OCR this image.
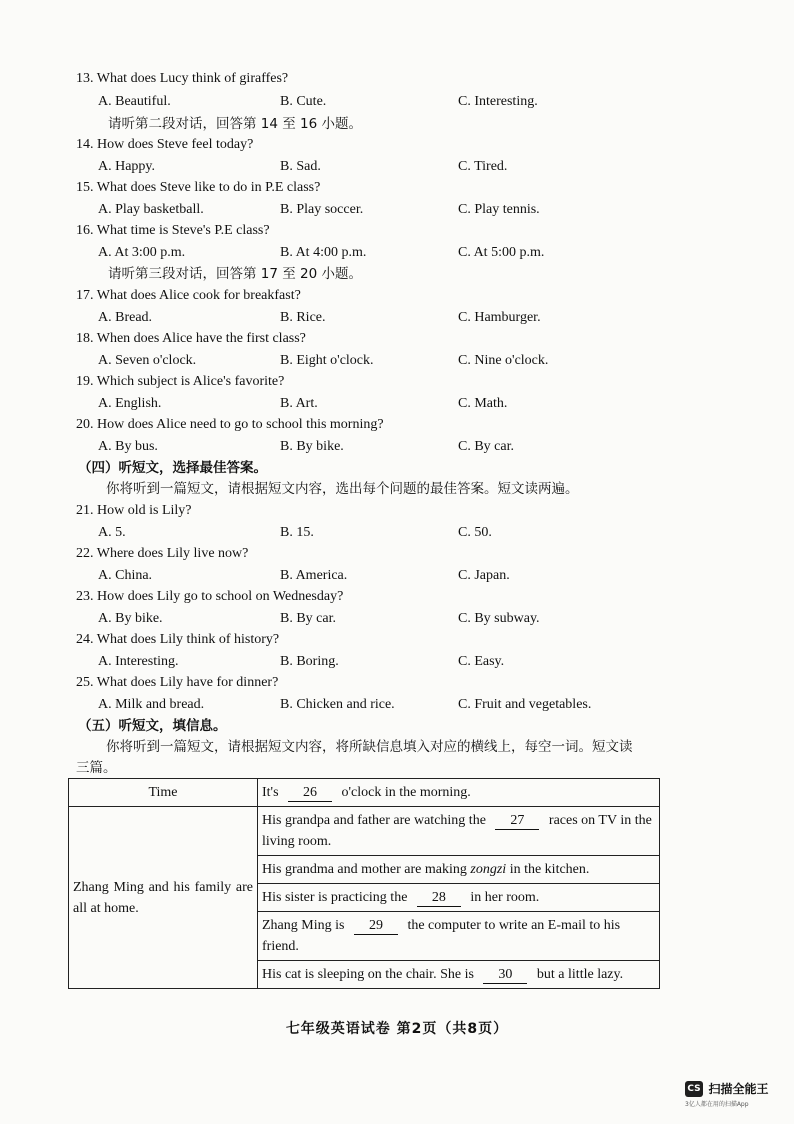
13. What does Lucy think of giraffes?
A. Beautiful.	B. Cute.	C. Interesting.
请听第二段对话，回答第 14 至 16 小题。
14. How does Steve feel today?
A. Happy.	B. Sad.	C. Tired.
15. What does Steve like to do in P.E class?
A. Play basketball.	B. Play soccer.	C. Play tennis.
16. What time is Steve's P.E class?
A. At 3:00 p.m.	B. At 4:00 p.m.	C. At 5:00 p.m.
请听第三段对话，回答第 17 至 20 小题。
17. What does Alice cook for breakfast?
A. Bread.	B. Rice.	C. Hamburger.
18. When does Alice have the first class?
A. Seven o'clock.	B. Eight o'clock.	C. Nine o'clock.
19. Which subject is Alice's favorite?
A. English.	B. Art.	C. Math.
20. How does Alice need to go to school this morning?
A. By bus.	B. By bike.	C. By car.
（四）听短文，选择最佳答案。
你将听到一篇短文，请根据短文内容，选出每个问题的最佳答案。短文读两遍。
21. How old is Lily?
A. 5.	B. 15.	C. 50.
22. Where does Lily live now?
A. China.	B. America.	C. Japan.
23. How does Lily go to school on Wednesday?
A. By bike.	B. By car.	C. By subway.
24. What does Lily think of history?
A. Interesting.	B. Boring.	C. Easy.
25. What does Lily have for dinner?
A. Milk and bread.	B. Chicken and rice.	C. Fruit and vegetables.
（五）听短文，填信息。
你将听到一篇短文，请根据短文内容，将所缺信息填入对应的横线上，每空一词。短文读
三篇。
Time	It's 26 o'clock in the morning.
Zhang Ming and his family are all at home.	His grandpa and father are watching the 27 races on TV in the living room.
	His grandma and mother are making zongzi in the kitchen.
	His sister is practicing the 28 in her room.
	Zhang Ming is 29 the computer to write an E-mail to his friend.
	His cat is sleeping on the chair. She is 30 but a little lazy.
七年级英语试卷 第2页（共8页）
CS 扫描全能王
3亿人都在用的扫描App
